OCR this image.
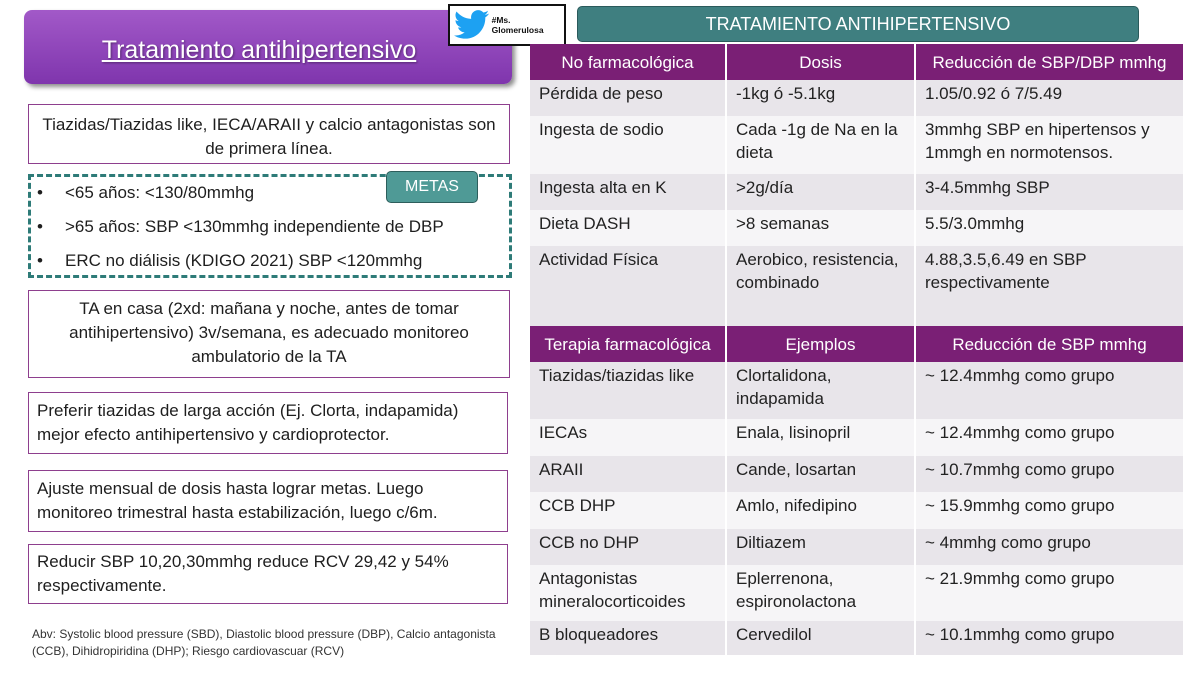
Tratamiento antihipertensivo
Tiazidas/Tiazidas like, IECA/ARAII y calcio antagonistas son de primera línea.
• <65 años: <130/80mmhg
• >65 años: SBP <130mmhg independiente de DBP
• ERC no diálisis (KDIGO 2021) SBP <120mmhg
METAS
TA en casa (2xd: mañana y noche, antes de tomar antihipertensivo) 3v/semana, es adecuado monitoreo ambulatorio de la TA
Preferir tiazidas de larga acción (Ej. Clorta, indapamida) mejor efecto antihipertensivo y cardioprotector.
Ajuste mensual de dosis hasta lograr metas. Luego monitoreo trimestral hasta estabilización, luego c/6m.
Reducir SBP 10,20,30mmhg reduce RCV 29,42 y 54% respectivamente.
Abv: Systolic blood pressure (SBD), Diastolic blood pressure (DBP), Calcio antagonista (CCB), Dihidropiridina (DHP); Riesgo cardiovascuar (RCV)
#Ms. Glomerulosa	TRATAMIENTO ANTIHIPERTENSIVO
No farmacológica	Dosis	Reducción de SBP/DBP mmhg
Pérdida de peso	-1kg ó -5.1kg	1.05/0.92 ó 7/5.49
Ingesta de sodio	Cada -1g de Na en la dieta	3mmhg SBP en hipertensos y 1mmgh en normotensos.
Ingesta alta en K	>2g/día	3-4.5mmhg SBP
Dieta DASH	>8 semanas	5.5/3.0mmhg
Actividad Física	Aerobico, resistencia, combinado	4.88,3.5,6.49 en SBP respectivamente
Terapia farmacológica	Ejemplos	Reducción de SBP mmhg
Tiazidas/tiazidas like	Clortalidona, indapamida	~ 12.4mmhg como grupo
IECAs	Enala, lisinopril	~ 12.4mmhg como grupo
ARAII	Cande, losartan	~ 10.7mmhg como grupo
CCB DHP	Amlo, nifedipino	~ 15.9mmhg como grupo
CCB no DHP	Diltiazem	~ 4mmhg como grupo
Antagonistas mineralocorticoides	Eplerrenona, espironolactona	~ 21.9mmhg como grupo
B bloqueadores	Cervedilol	~ 10.1mmhg como grupo
